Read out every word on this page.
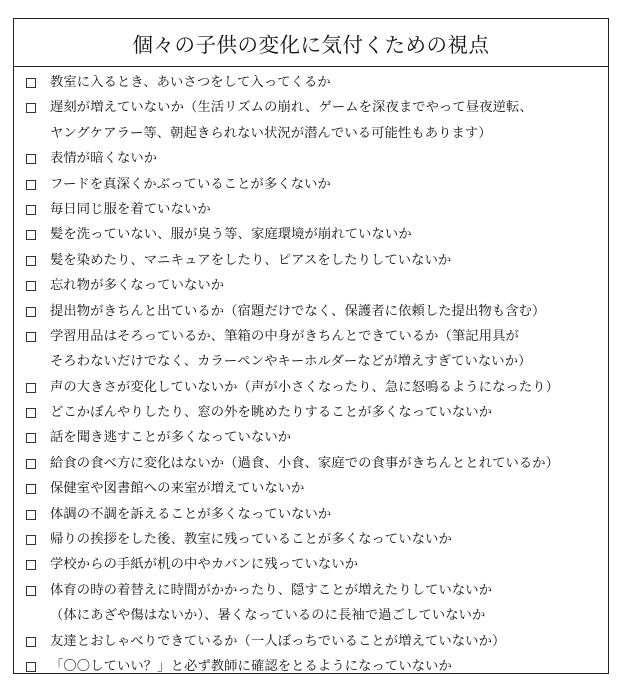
個々の子供の変化に気付くための視点
教室に入るとき、あいさつをして入ってくるか
遅刻が増えていないか（生活リズムの崩れ、ゲームを深夜までやって昼夜逆転、
ヤングケアラー等、朝起きられない状況が潜んでいる可能性もあります）
表情が暗くないか
フードを真深くかぶっていることが多くないか
毎日同じ服を着ていないか
髪を洗っていない、服が臭う等、家庭環境が崩れていないか
髪を染めたり、マニキュアをしたり、ピアスをしたりしていないか
忘れ物が多くなっていないか
提出物がきちんと出ているか（宿題だけでなく、保護者に依頼した提出物も含む）
学習用品はそろっているか、筆箱の中身がきちんとできているか（筆記用具が
そろわないだけでなく、カラーペンやキーホルダーなどが増えすぎていないか）
声の大きさが変化していないか（声が小さくなったり、急に怒鳴るようになったり）
どこかぼんやりしたり、窓の外を眺めたりすることが多くなっていないか
話を聞き逃すことが多くなっていないか
給食の食べ方に変化はないか（過食、小食、家庭での食事がきちんととれているか）
保健室や図書館への来室が増えていないか
体調の不調を訴えることが多くなっていないか
帰りの挨拶をした後、教室に残っていることが多くなっていないか
学校からの手紙が机の中やカバンに残っていないか
体育の時の着替えに時間がかかったり、隠すことが増えたりしていないか
（体にあざや傷はないか）、暑くなっているのに長袖で過ごしていないか
友達とおしゃべりできているか（一人ぼっちでいることが増えていないか）
「〇〇していい？」と必ず教師に確認をとるようになっていないか
